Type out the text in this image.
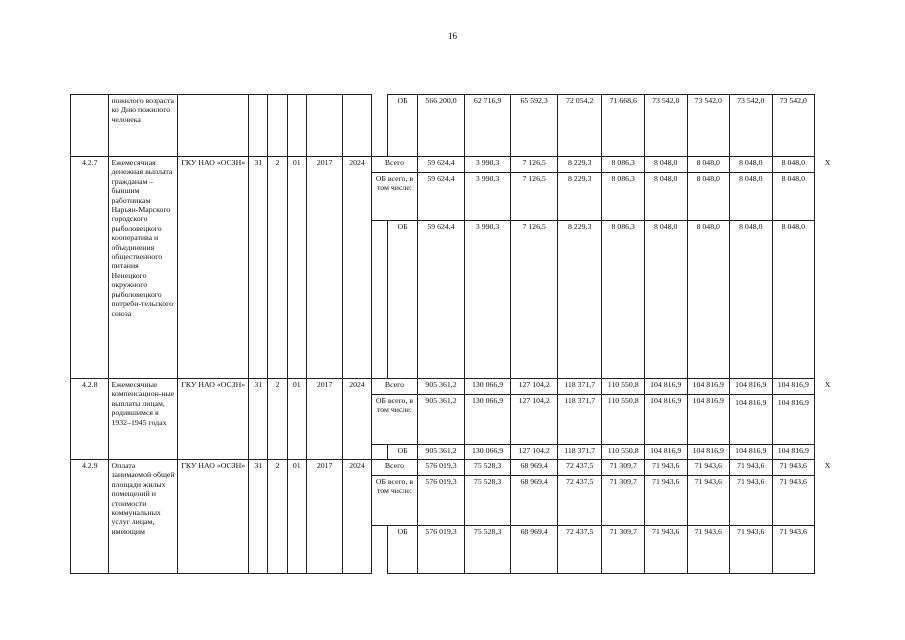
16
	пожилого возраста ко Дню пожилого человека								ОБ	566 200,0	62 716,9	65 592,3	72 054,2	71 668,6	73 542,0	73 542,0	73 542,0	73 542,0	
4.2.7	Ежемесячная денежная выплата гражданам – бывшим работникам Нарьян-Марского городского рыболовецкого кооператива и объединения общественного питания Ненецкого окружного рыболовецкого потреби-тельского союза	ГКУ НАО «ОСЗН»	31	2	01	2017	2024	Всего		59 624,4	3 990,3	7 126,5	8 229,3	8 086,3	8 048,0	8 048,0	8 048,0	8 048,0	X
								ОБ всего, в том числе:		59 624,4	3 990,3	7 126,5	8 229,3	8 086,3	8 048,0	8 048,0	8 048,0	8 048,0	
									ОБ	59 624,4	3 990,3	7 126,5	8 229,3	8 086,3	8 048,0	8 048,0	8 048,0	8 048,0	
4.2.8	Ежемесячные компенсацион-ные выплаты лицам, родившимся в 1932–1945 годах	ГКУ НАО «ОСЗН»	31	2	01	2017	2024	Всего		905 361,2	130 066,9	127 104,2	118 371,7	110 550,8	104 816,9	104 816,9	104 816,9	104 816,9	X
								ОБ всего, в том числе:		905 361,2	130 066,9	127 104,2	118 371,7	110 550,8	104 816,9	104 816,9	104 816,9	104 816,9	
									ОБ	905 361,2	130 066,9	127 104,2	118 371,7	110 550,8	104 816,9	104 816,9	104 816,9	104 816,9	
4.2.9	Оплата занимаемой общей площади жилых помещений и стоимости коммунальных услуг лицам, имеющим	ГКУ НАО «ОСЗН»	31	2	01	2017	2024	Всего		576 019,3	75 528,3	68 969,4	72 437,5	71 309,7	71 943,6	71 943,6	71 943,6	71 943,6	X
								ОБ всего, в том числе:		576 019,3	75 528,3	68 969,4	72 437,5	71 309,7	71 943,6	71 943,6	71 943,6	71 943,6	
									ОБ	576 019,3	75 528,3	68 969,4	72 437,5	71 309,7	71 943,6	71 943,6	71 943,6	71 943,6	
